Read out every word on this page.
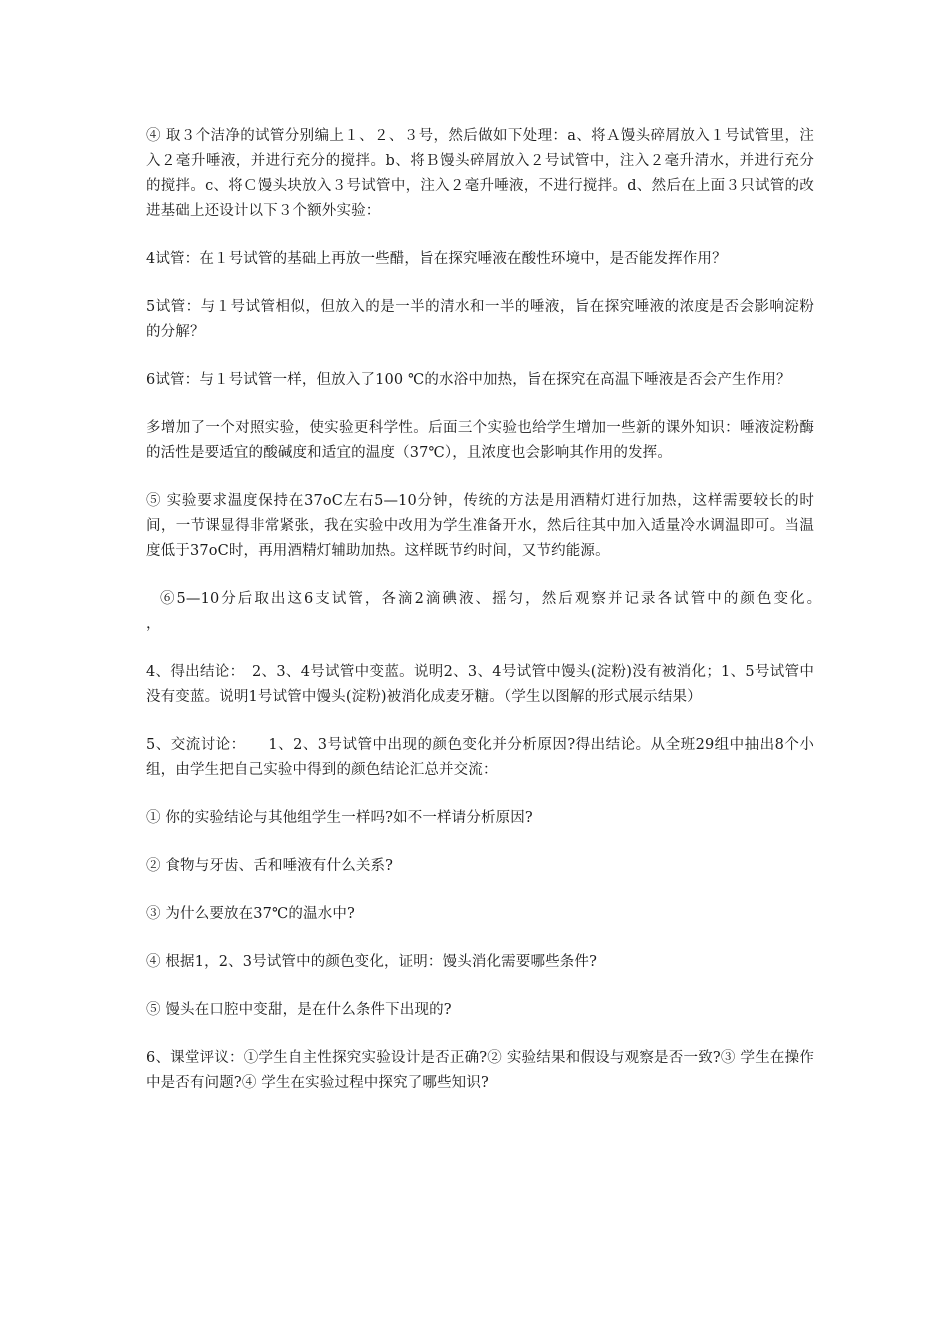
④ 取３个洁净的试管分别编上１、２、３号，然后做如下处理：a、将Ａ馒头碎屑放入１号试管里，注入２毫升唾液，并进行充分的搅拌。b、将Ｂ馒头碎屑放入２号试管中，注入２毫升清水，并进行充分的搅拌。c、将Ｃ馒头块放入３号试管中，注入２毫升唾液，不进行搅拌。d、然后在上面３只试管的改进基础上还设计以下３个额外实验：

4试管：在１号试管的基础上再放一些醋，旨在探究唾液在酸性环境中，是否能发挥作用？

5试管：与１号试管相似，但放入的是一半的清水和一半的唾液，旨在探究唾液的浓度是否会影响淀粉的分解？

6试管：与１号试管一样，但放入了100 ℃的水浴中加热，旨在探究在高温下唾液是否会产生作用？

多增加了一个对照实验，使实验更科学性。后面三个实验也给学生增加一些新的课外知识：唾液淀粉酶的活性是要适宜的酸碱度和适宜的温度（37℃），且浓度也会影响其作用的发挥。

⑤ 实验要求温度保持在37oC左右5—10分钟，传统的方法是用酒精灯进行加热，这样需要较长的时间，一节课显得非常紧张，我在实验中改用为学生准备开水，然后往其中加入适量冷水调温即可。当温度低于37oC时，再用酒精灯辅助加热。这样既节约时间，又节约能源。

⑥5—10分后取出这6支试管，各滴2滴碘液、摇匀，然后观察并记录各试管中的颜色变化。　　　　，

4、得出结论：　2、3、4号试管中变蓝。说明2、3、4号试管中馒头(淀粉)没有被消化；1、5号试管中没有变蓝。说明1号试管中馒头(淀粉)被消化成麦牙糖。（学生以图解的形式展示结果）

5、交流讨论：　　1、2、3号试管中出现的颜色变化并分析原因?得出结论。从全班29组中抽出8个小组，由学生把自己实验中得到的颜色结论汇总并交流：

① 你的实验结论与其他组学生一样吗?如不一样请分析原因?

② 食物与牙齿、舌和唾液有什么关系?

③ 为什么要放在37℃的温水中?

④ 根据1，2、3号试管中的颜色变化，证明：馒头消化需要哪些条件?

⑤ 馒头在口腔中变甜，是在什么条件下出现的?

6、课堂评议：①学生自主性探究实验设计是否正确?② 实验结果和假设与观察是否一致?③ 学生在操作中是否有问题?④ 学生在实验过程中探究了哪些知识?
